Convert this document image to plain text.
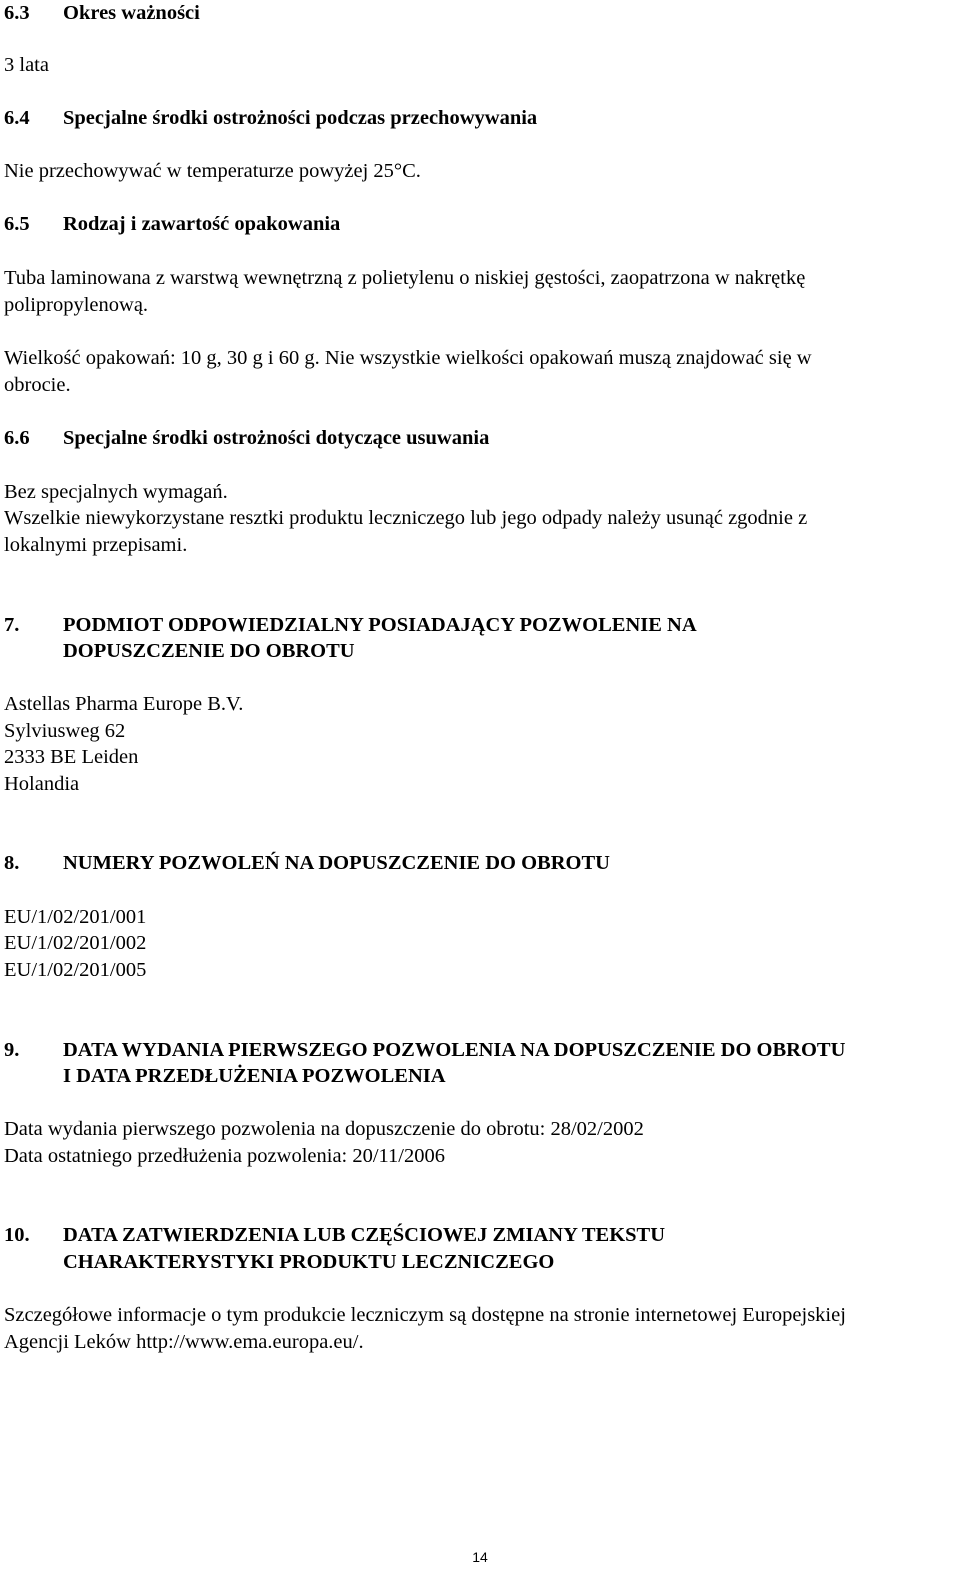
6.3 Okres ważności
3 lata
6.4 Specjalne środki ostrożności podczas przechowywania
Nie przechowywać w temperaturze powyżej 25°C.
6.5 Rodzaj i zawartość opakowania
Tuba laminowana z warstwą wewnętrzną z polietylenu o niskiej gęstości, zaopatrzona w nakrętkę
polipropylenową.
Wielkość opakowań: 10 g, 30 g i 60 g. Nie wszystkie wielkości opakowań muszą znajdować się w
obrocie.
6.6 Specjalne środki ostrożności dotyczące usuwania
Bez specjalnych wymagań.
Wszelkie niewykorzystane resztki produktu leczniczego lub jego odpady należy usunąć zgodnie z
lokalnymi przepisami.
7. PODMIOT ODPOWIEDZIALNY POSIADAJĄCY POZWOLENIE NA
DOPUSZCZENIE DO OBROTU
Astellas Pharma Europe B.V.
Sylviusweg 62
2333 BE Leiden
Holandia
8. NUMERY POZWOLEŃ NA DOPUSZCZENIE DO OBROTU
EU/1/02/201/001
EU/1/02/201/002
EU/1/02/201/005
9. DATA WYDANIA PIERWSZEGO POZWOLENIA NA DOPUSZCZENIE DO OBROTU
I DATA PRZEDŁUŻENIA POZWOLENIA
Data wydania pierwszego pozwolenia na dopuszczenie do obrotu: 28/02/2002
Data ostatniego przedłużenia pozwolenia: 20/11/2006
10. DATA ZATWIERDZENIA LUB CZĘŚCIOWEJ ZMIANY TEKSTU
CHARAKTERYSTYKI PRODUKTU LECZNICZEGO
Szczegółowe informacje o tym produkcie leczniczym są dostępne na stronie internetowej Europejskiej
Agencji Leków http://www.ema.europa.eu/.
14
